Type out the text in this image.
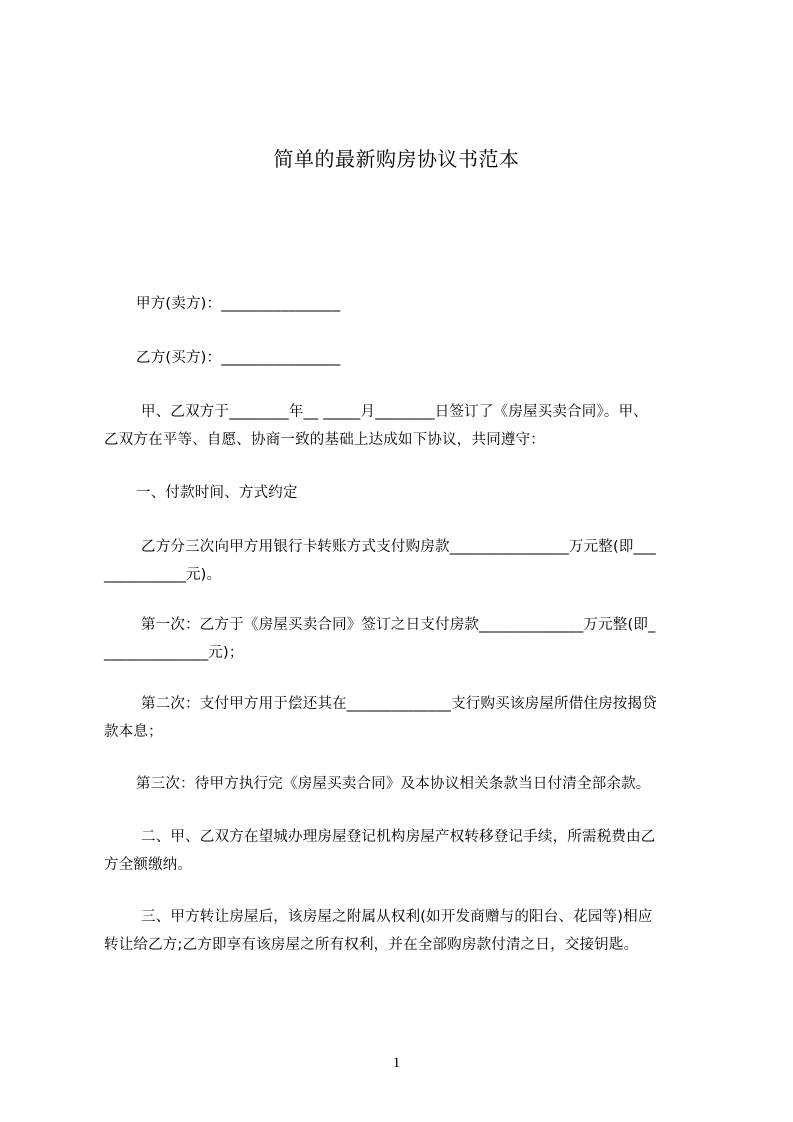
简单的最新购房协议书范本
甲方(卖方)：________________
乙方(买方)：________________
甲、乙双方于________年__ _____月________日签订了《房屋买卖合同》。甲、
乙双方在平等、自愿、协商一致的基础上达成如下协议，共同遵守：
一、付款时间、方式约定
乙方分三次向甲方用银行卡转账方式支付购房款________________万元整(即___
___________元)。
第一次：乙方于《房屋买卖合同》签订之日支付房款______________万元整(即_
______________元)；
第二次：支付甲方用于偿还其在______________支行购买该房屋所借住房按揭贷
款本息；
第三次：待甲方执行完《房屋买卖合同》及本协议相关条款当日付清全部余款。
二、甲、乙双方在望城办理房屋登记机构房屋产权转移登记手续，所需税费由乙
方全额缴纳。
三、甲方转让房屋后，该房屋之附属从权利(如开发商赠与的阳台、花园等)相应
转让给乙方;乙方即享有该房屋之所有权利，并在全部购房款付清之日，交接钥匙。
1
